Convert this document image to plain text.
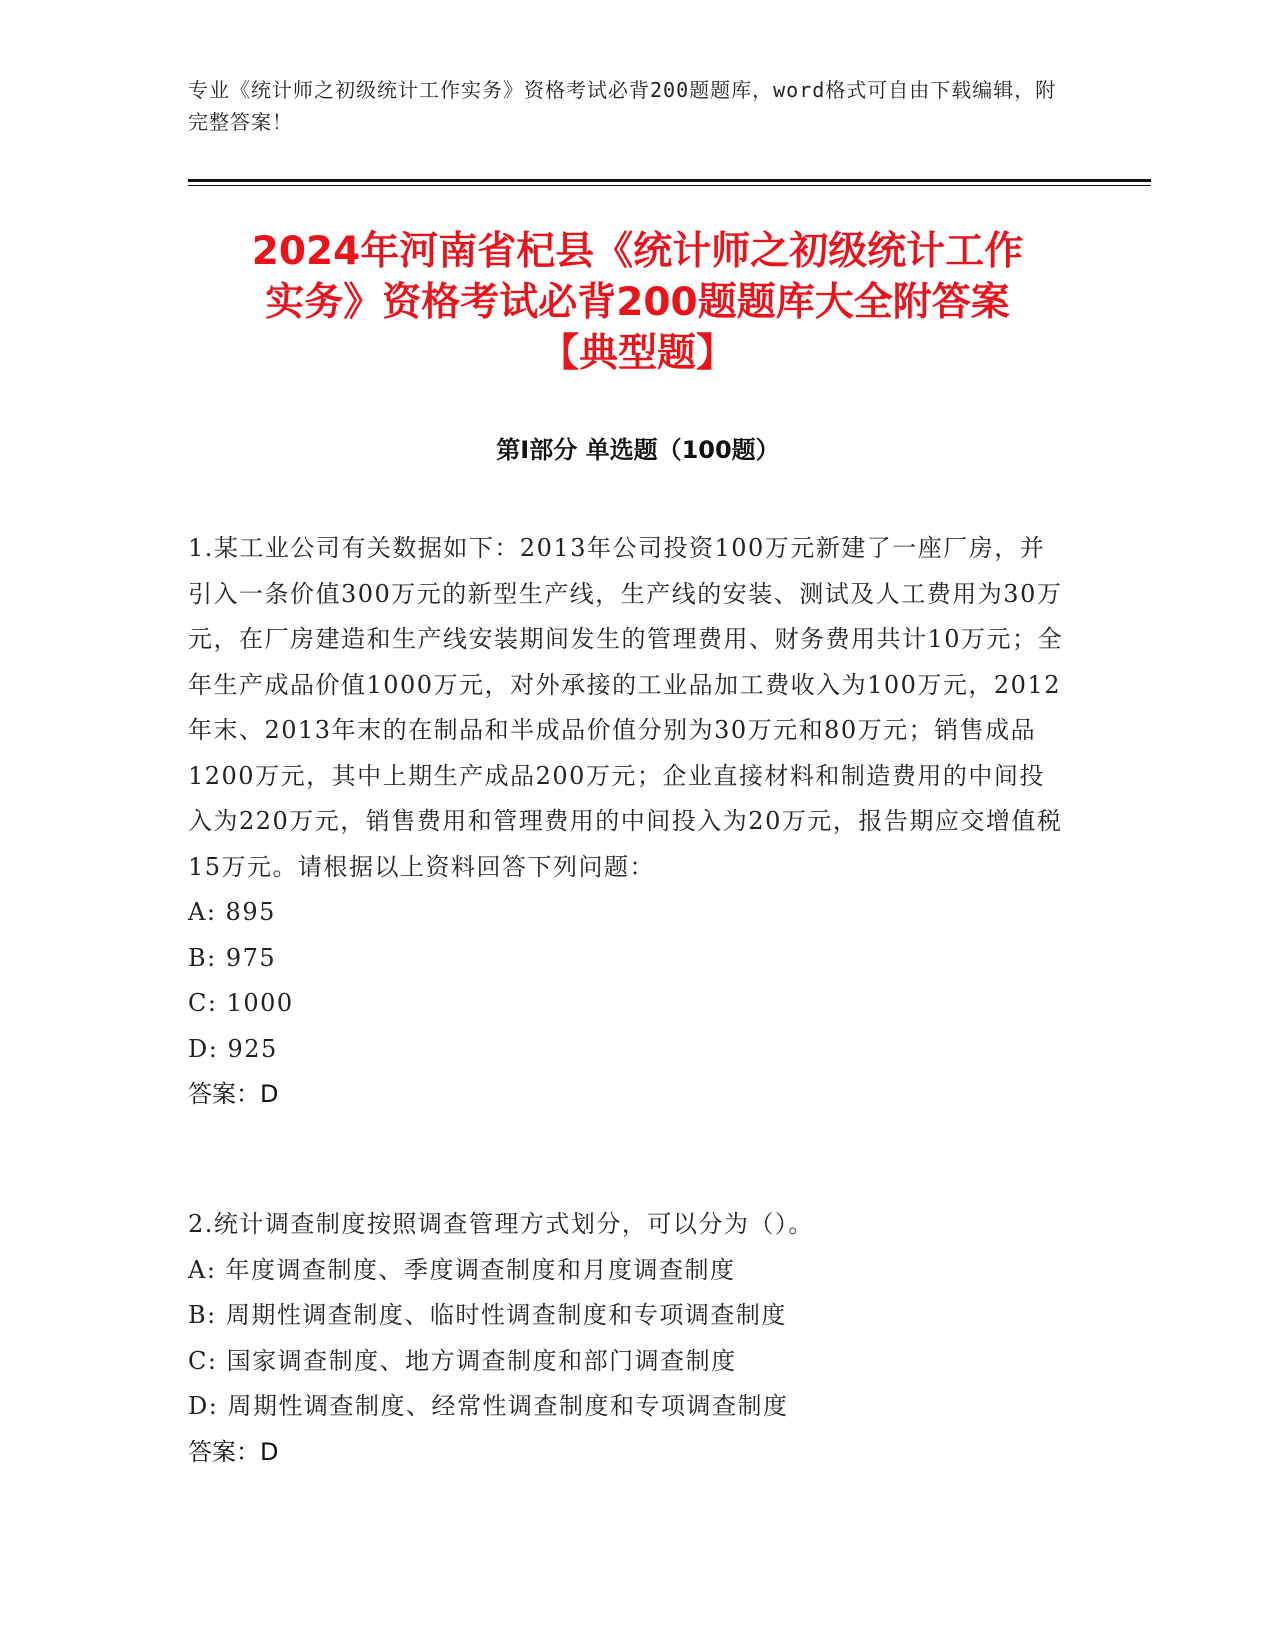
专业《统计师之初级统计工作实务》资格考试必背200题题库，word格式可自由下载编辑，附完整答案！
2024年河南省杞县《统计师之初级统计工作
实务》资格考试必背200题题库大全附答案
【典型题】
第I部分 单选题（100题）

1.某工业公司有关数据如下：2013年公司投资100万元新建了一座厂房，并引入一条价值300万元的新型生产线，生产线的安装、测试及人工费用为30万元，在厂房建造和生产线安装期间发生的管理费用、财务费用共计10万元；全年生产成品价值1000万元，对外承接的工业品加工费收入为100万元，2012年末、2013年末的在制品和半成品价值分别为30万元和80万元；销售成品1200万元，其中上期生产成品200万元；企业直接材料和制造费用的中间投入为220万元，销售费用和管理费用的中间投入为20万元，报告期应交增值税15万元。请根据以上资料回答下列问题：

A: 895

B: 975

C: 1000

D: 925

答案：D

2.统计调查制度按照调查管理方式划分，可以分为（）。

A: 年度调查制度、季度调查制度和月度调查制度

B: 周期性调查制度、临时性调查制度和专项调查制度

C: 国家调查制度、地方调查制度和部门调查制度

D: 周期性调查制度、经常性调查制度和专项调查制度

答案：D
